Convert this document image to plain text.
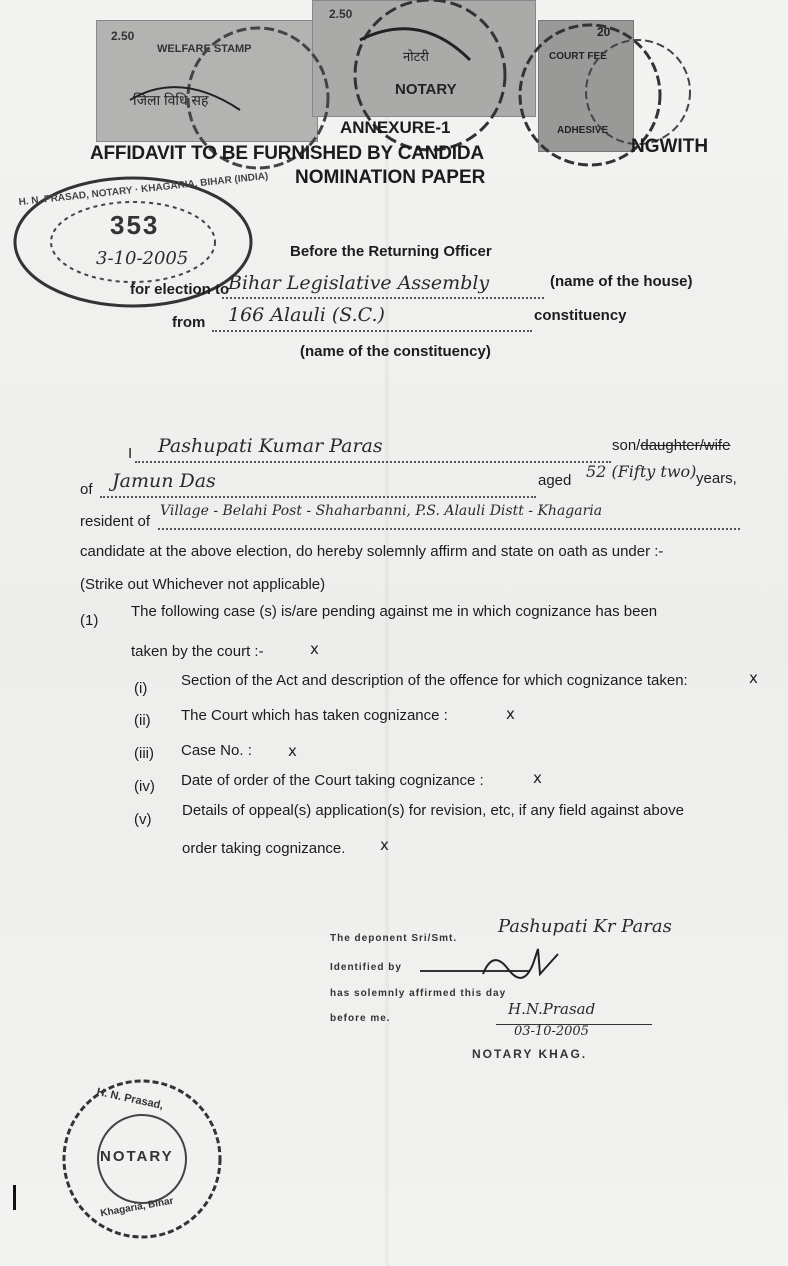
2.50
WELFARE STAMP
जिला विधि सह
2.50
NOTARY
नोटरी
20
COURT FEE
ADHESIVE
ANNEXURE-1
AFFIDAVIT TO BE FURNISHED BY CANDIDA	NGWITH
NOMINATION PAPER
H. N. PRASAD, NOTARY · KHAGARIA, BIHAR (INDIA)
353
3-10-2005	Before the Returning Officer
for election to
Bihar Legislative Assembly	(name of the house)
from 166 Alauli (S.C.)	constituency
(name of the constituency)
I Pashupati Kumar Paras	son/daughter/wife
of Jamun Das	aged 52 (Fifty two) years,
resident of
Village - Belahi Post - Shaharbanni, P.S. Alauli Distt - Khagaria
candidate at the above election, do hereby solemnly affirm and state on oath as under :-
(Strike out Whichever not applicable)
(1)
The following case (s) is/are pending against me in which cognizance has been
taken by the court :-	x
(i) Section of the Act and description of the offence for which cognizance taken:	x
(ii) The Court which has taken cognizance :	x
(iii) Case No. : x
(iv) Date of order of the Court taking cognizance :	x
(v)
Details of oppeal(s) application(s) for revision, etc, if any field against above
order taking cognizance. x
The deponent Sri/Smt.
Pashupati Kr Paras
Identified by
has solemnly affirmed this day
before me.
H.N.Prasad
03-10-2005
NOTARY KHAG.
H. N. Prasad,
NOTARY
Khagaria, Bihar
